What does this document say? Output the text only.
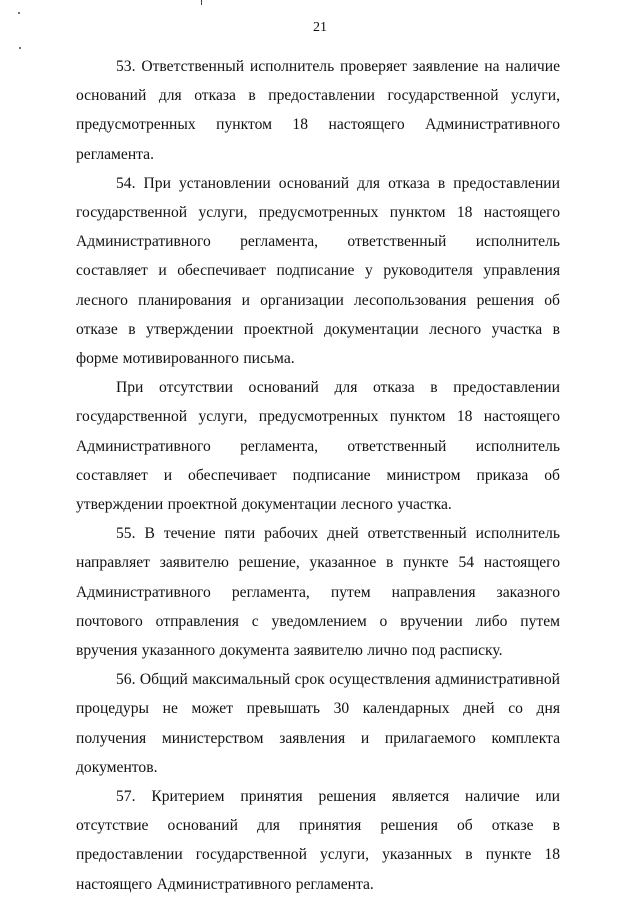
21

53. Ответственный исполнитель проверяет заявление на наличие оснований для отказа в предоставлении государственной услуги, предусмотренных пунктом 18 настоящего Административного регламента.

54. При установлении оснований для отказа в предоставлении государственной услуги, предусмотренных пунктом 18 настоящего Административного регламента, ответственный исполнитель составляет и обеспечивает подписание у руководителя управления лесного планирования и организации лесопользования решения об отказе в утверждении проектной документации лесного участка в форме мотивированного письма.

При отсутствии оснований для отказа в предоставлении государственной услуги, предусмотренных пунктом 18 настоящего Административного регламента, ответственный исполнитель составляет и обеспечивает подписание министром приказа об утверждении проектной документации лесного участка.

55. В течение пяти рабочих дней ответственный исполнитель направляет заявителю решение, указанное в пункте 54 настоящего Административного регламента, путем направления заказного почтового отправления с уведомлением о вручении либо путем вручения указанного документа заявителю лично под расписку.

56. Общий максимальный срок осуществления административной процедуры не может превышать 30 календарных дней со дня получения министерством заявления и прилагаемого комплекта документов.

57. Критерием принятия решения является наличие или отсутствие оснований для принятия решения об отказе в предоставлении государственной услуги, указанных в пункте 18 настоящего Административного регламента.
